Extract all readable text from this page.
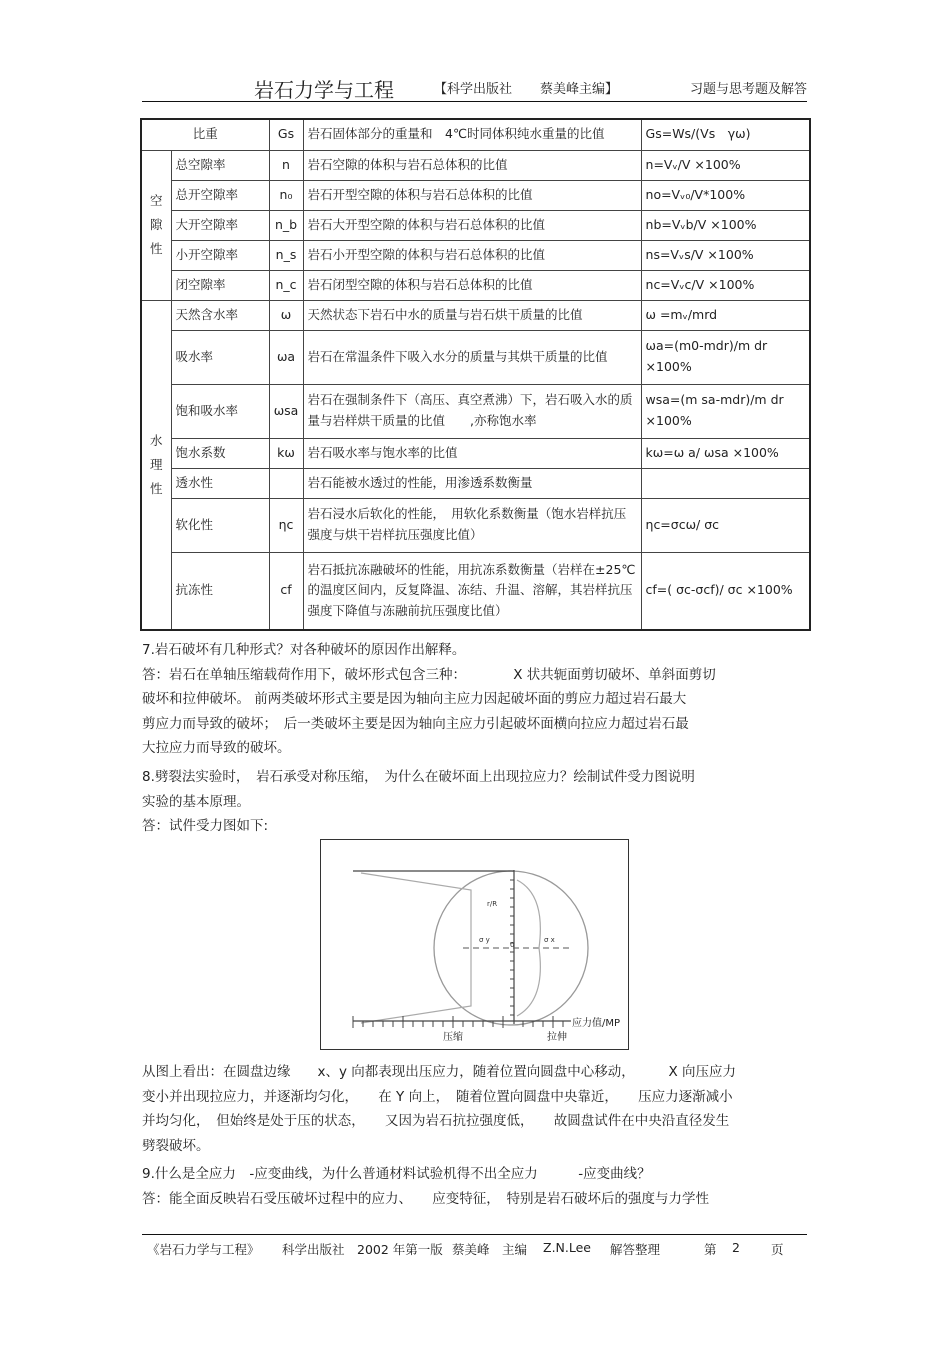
岩石力学与工程	【科学出版社 蔡美峰主编】	习题与思考题及解答
比重		Gs	岩石固体部分的重量和　4℃时同体积纯水重量的比值	Gs=Ws/(Vs　γω)

空
隙
性	总空隙率	n	岩石空隙的体积与岩石总体积的比值	n=Vᵥ/V ×100%
	总开空隙率	n₀	岩石开型空隙的体积与岩石总体积的比值	no=Vᵥ₀/V*100%
	大开空隙率	n_b	岩石大开型空隙的体积与岩石总体积的比值	nb=Vᵥb/V ×100%
	小开空隙率	n_s	岩石小开型空隙的体积与岩石总体积的比值	ns=Vᵥs/V ×100%
	闭空隙率	n_c	岩石闭型空隙的体积与岩石总体积的比值	nc=Vᵥc/V ×100%

水
理
性	天然含水率	ω	天然状态下岩石中水的质量与岩石烘干质量的比值	ω =mᵥ/mrd
	吸水率	ωa	岩石在常温条件下吸入水分的质量与其烘干质量的比值	ωa=(m0-mdr)/m dr ×100%
	饱和吸水率	ωsa	岩石在强制条件下（高压、真空煮沸）下，岩石吸入水的质量与岩样烘干质量的比值　　,亦称饱水率	wsa=(m sa-mdr)/m dr ×100%
	饱水系数	kω	岩石吸水率与饱水率的比值	kω=ω a/ ωsa ×100%
	透水性		岩石能被水透过的性能，用渗透系数衡量	
	软化性	ηc	岩石浸水后软化的性能，　用软化系数衡量（饱水岩样抗压强度与烘干岩样抗压强度比值）	ηc=σcω/ σc
	抗冻性	cf	岩石抵抗冻融破坏的性能，用抗冻系数衡量（岩样在±25℃的温度区间内，反复降温、冻结、升温、溶解，其岩样抗压强度下降值与冻融前抗压强度比值）	cf=( σc-σcf)/ σc ×100%

7.岩石破坏有几种形式？对各种破坏的原因作出解释。

答：岩石在单轴压缩载荷作用下，破坏形式包含三种：　　　　X 状共轭面剪切破坏、单斜面剪切

破坏和拉伸破坏。 前两类破坏形式主要是因为轴向主应力因起破坏面的剪应力超过岩石最大

剪应力而导致的破坏；　后一类破坏主要是因为轴向主应力引起破坏面横向拉应力超过岩石最

大拉应力而导致的破坏。

8.劈裂法实验时，　岩石承受对称压缩，　为什么在破坏面上出现拉应力？绘制试件受力图说明

实验的基本原理。

答：试件受力图如下:

r/R
σ y	σ x
0
应力值/MP
压缩	拉伸

从图上看出：在圆盘边缘　　x、y 向都表现出压应力，随着位置向圆盘中心移动，　　　X 向压应力

变小并出现拉应力，并逐渐均匀化，　　在 Y 向上，　随着位置向圆盘中央靠近，　　压应力逐渐减小

并均匀化，　但始终是处于压的状态，　　又因为岩石抗拉强度低，　　故圆盘试件在中央沿直径发生

劈裂破坏。

9.什么是全应力　-应变曲线，为什么普通材料试验机得不出全应力　　　-应变曲线？

答：能全面反映岩石受压破坏过程中的应力、　　应变特征，　特别是岩石破坏后的强度与力学性

《岩石力学与工程》 科学出版社 2002 年第一版 蔡美峰　主编 Z.N.Lee 解答整理	第 2 页
